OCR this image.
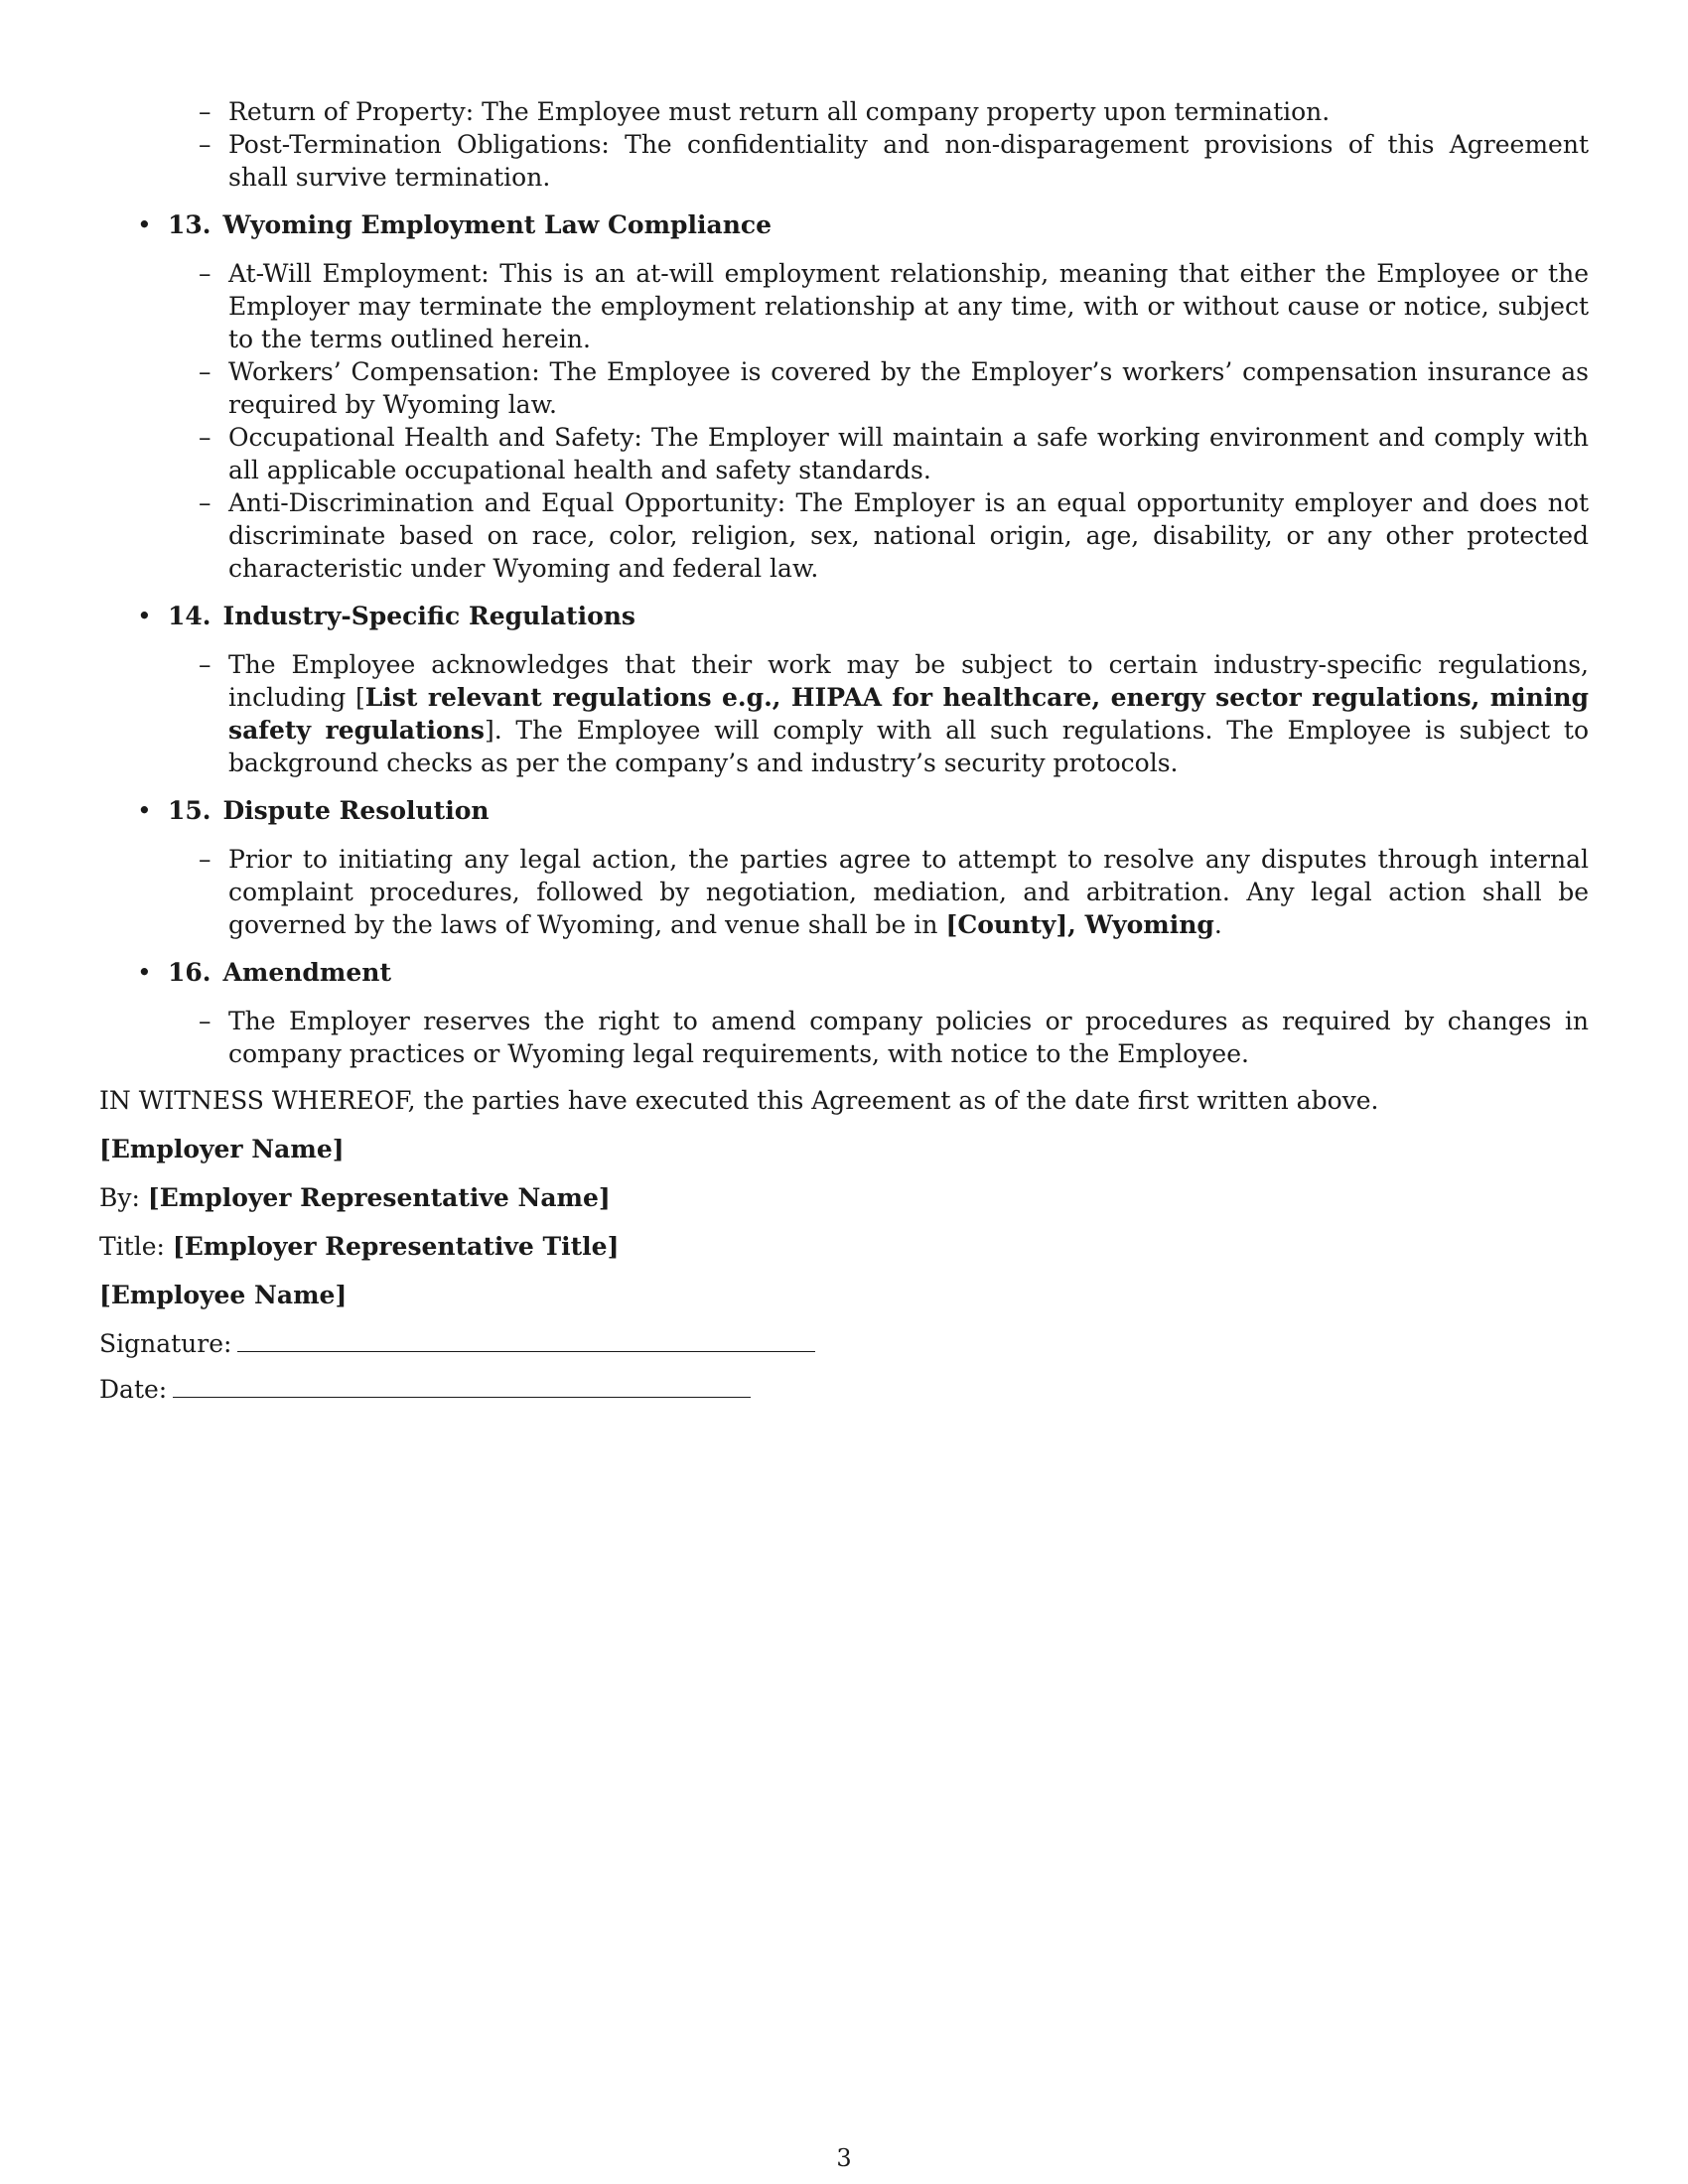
– Return of Property: The Employee must return all company property upon termination.
– Post-Termination Obligations: The confidentiality and non-disparagement provisions of this Agreement shall survive termination.
• 13. Wyoming Employment Law Compliance
– At-Will Employment: This is an at-will employment relationship, meaning that either the Employee or the Employer may terminate the employment relationship at any time, with or without cause or notice, subject to the terms outlined herein.
– Workers’ Compensation: The Employee is covered by the Employer’s workers’ compensation insurance as required by Wyoming law.
– Occupational Health and Safety: The Employer will maintain a safe working environment and comply with all applicable occupational health and safety standards.
– Anti-Discrimination and Equal Opportunity: The Employer is an equal opportunity employer and does not discriminate based on race, color, religion, sex, national origin, age, disability, or any other protected characteristic under Wyoming and federal law.
• 14. Industry-Specific Regulations
– The Employee acknowledges that their work may be subject to certain industry-specific regulations, including [List relevant regulations e.g., HIPAA for healthcare, energy sector regulations, mining safety regulations]. The Employee will comply with all such regulations. The Employee is subject to background checks as per the company’s and industry’s security protocols.
• 15. Dispute Resolution
– Prior to initiating any legal action, the parties agree to attempt to resolve any disputes through internal complaint procedures, followed by negotiation, mediation, and arbitration. Any legal action shall be governed by the laws of Wyoming, and venue shall be in [County], Wyoming.
• 16. Amendment
– The Employer reserves the right to amend company policies or procedures as required by changes in company practices or Wyoming legal requirements, with notice to the Employee.

IN WITNESS WHEREOF, the parties have executed this Agreement as of the date first written above.

[Employer Name]

By: [Employer Representative Name]

Title: [Employer Representative Title]

[Employee Name]

Signature:

Date:

3
